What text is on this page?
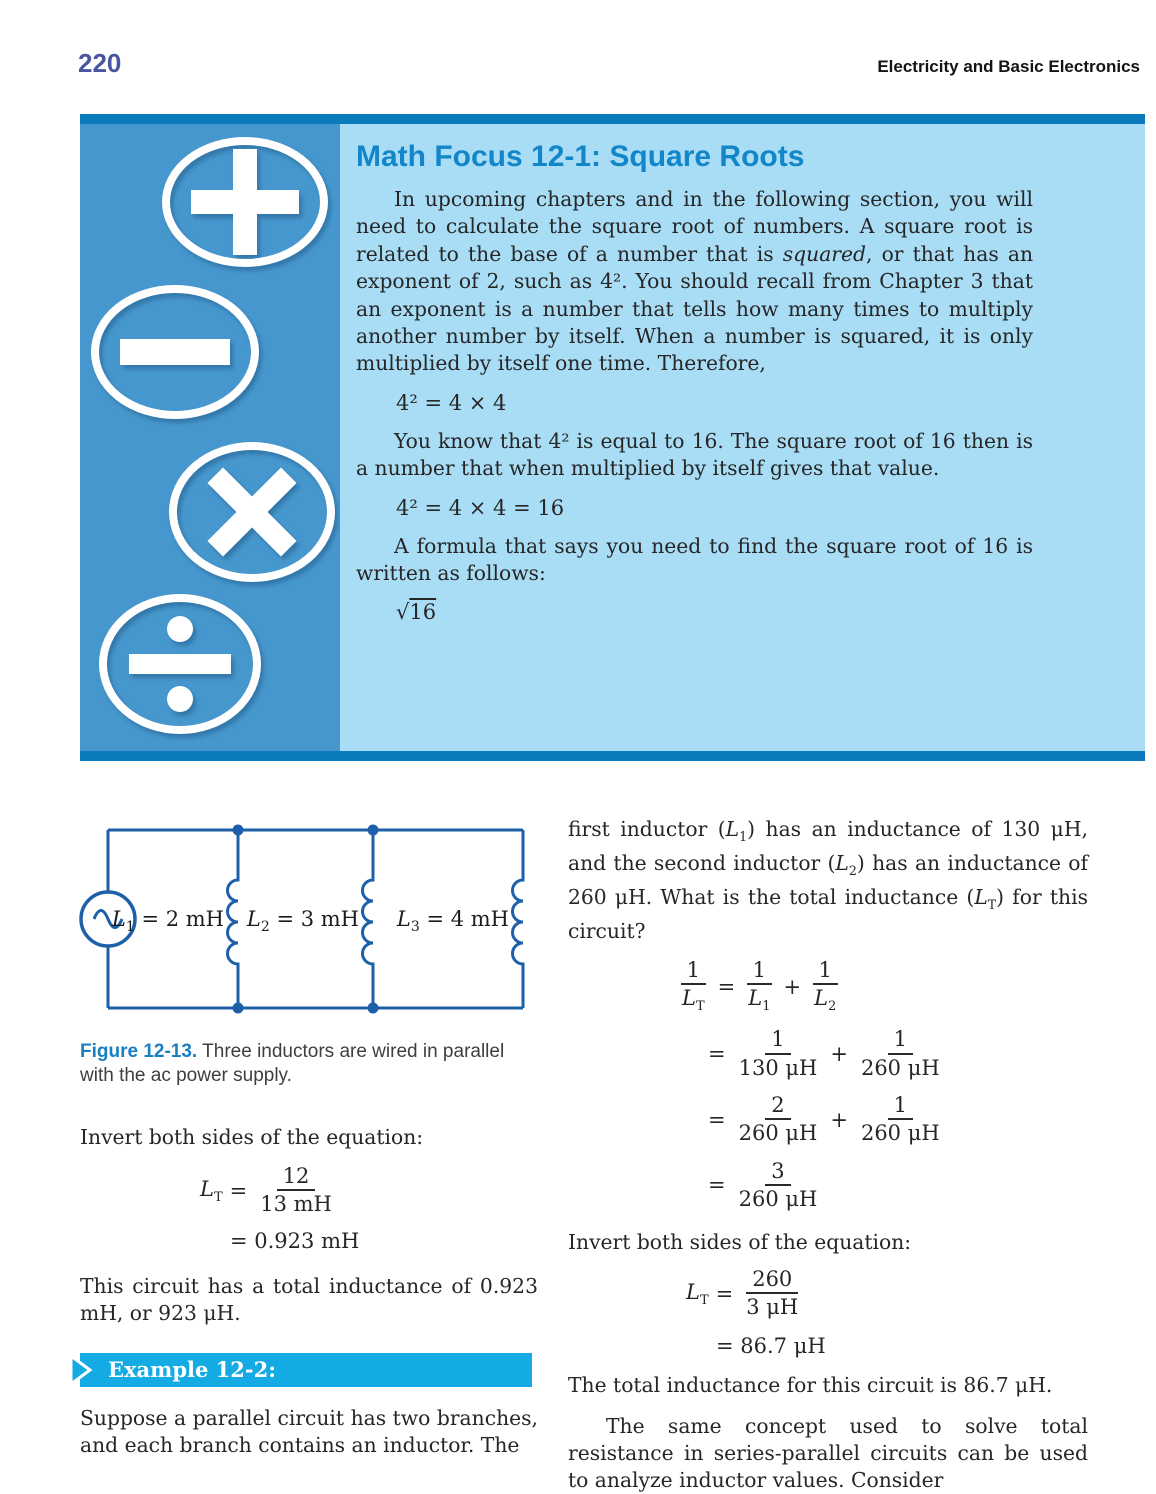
220	Electricity and Basic Electronics
Math Focus 12-1: Square Roots

In upcoming chapters and in the following section, you will need to calculate the square root of numbers. A square root is related to the base of a number that is squared, or that has an exponent of 2, such as 4². You should recall from Chapter 3 that an exponent is a number that tells how many times to multiply another number by itself. When a number is squared, it is only multiplied by itself one time. Therefore,

4² = 4 × 4

You know that 4² is equal to 16. The square root of 16 then is a number that when multiplied by itself gives that value.

4² = 4 × 4 = 16

A formula that says you need to find the square root of 16 is written as follows:

√16

$L_1 = 2$ mH $L_2 = 3$ mH $L_3 = 4$ mH

Figure 12-13. Three inductors are wired in parallel with the ac power supply.

Invert both sides of the equation:

$L_T = \frac{12}{13 mH}$
= 0.923 mH

This circuit has a total inductance of 0.923 mH, or 923 μH.

Example 12-2:

Suppose a parallel circuit has two branches, and each branch contains an inductor. The

first inductor $(L_1)$ has an inductance of 130 μH, and the second inductor $(L_2)$ has an inductance of 260 μH. What is the total inductance $(L_T)$ for this circuit?

$\frac{1}{L_T} = \frac{1}{L_1} + \frac{1}{L_2}$
= $\frac{1}{130 \mu H} + \frac{1}{260 \mu H}$
= $\frac{2}{260 \mu H} + \frac{1}{260 \mu H}$
= $\frac{3}{260 \mu H}$

Invert both sides of the equation:

$L_T = \frac{260}{3 \mu H}$
= 86.7 μH

The total inductance for this circuit is 86.7 μH.

The same concept used to solve total resistance in series-parallel circuits can be used to analyze inductor values. Consider
